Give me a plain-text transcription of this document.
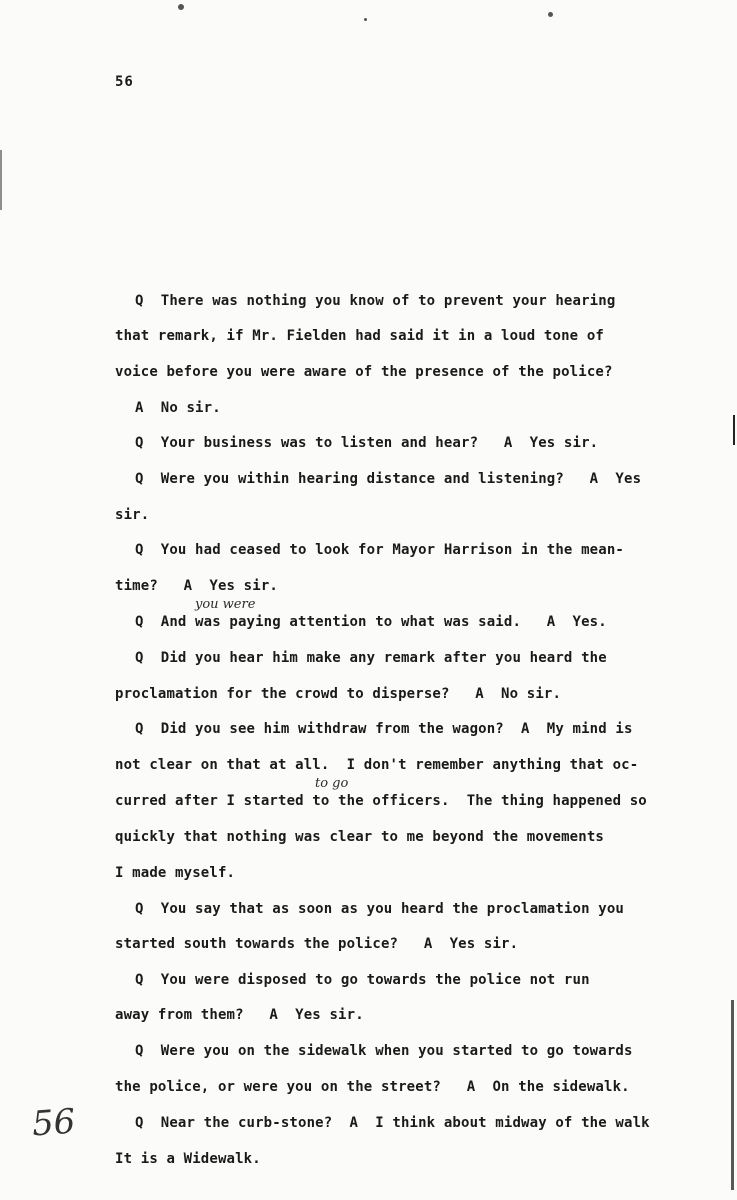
56
Q  There was nothing you know of to prevent your hearing
that remark, if Mr. Fielden had said it in a loud tone of
voice before you were aware of the presence of the police?
A  No sir.
Q  Your business was to listen and hear?   A  Yes sir.
Q  Were you within hearing distance and listening?   A  Yes
sir.
Q  You had ceased to look for Mayor Harrison in the mean-
time?   A  Yes sir.
Q  And was paying attention to what was said.   A  Yes.
Q  Did you hear him make any remark after you heard the
proclamation for the crowd to disperse?   A  No sir.
Q  Did you see him withdraw from the wagon?  A  My mind is
not clear on that at all.  I don't remember anything that oc-
curred after I started to the officers.  The thing happened so
quickly that nothing was clear to me beyond the movements
I made myself.
Q  You say that as soon as you heard the proclamation you
started south towards the police?   A  Yes sir.
Q  You were disposed to go towards the police not run
away from them?   A  Yes sir.
Q  Were you on the sidewalk when you started to go towards
the police, or were you on the street?   A  On the sidewalk.
Q  Near the curb-stone?  A  I think about midway of the walk
It is a Widewalk.
you were
to go
56
